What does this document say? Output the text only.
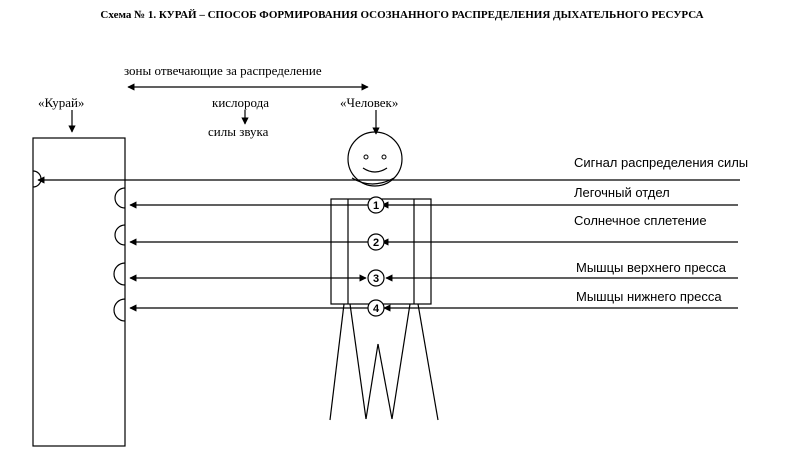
Схема № 1. КУРАЙ – СПОСОБ ФОРМИРОВАНИЯ ОСОЗНАННОГО РАСПРЕДЕЛЕНИЯ ДЫХАТЕЛЬНОГО РЕСУРСА
зоны отвечающие за распределение
«Курай»	кислорода	«Человек»
силы звука
Сигнал распределения силы
Легочный отдел
Солнечное сплетение
Мышцы верхнего пресса
Мышцы нижнего пресса
1
2
3
4
